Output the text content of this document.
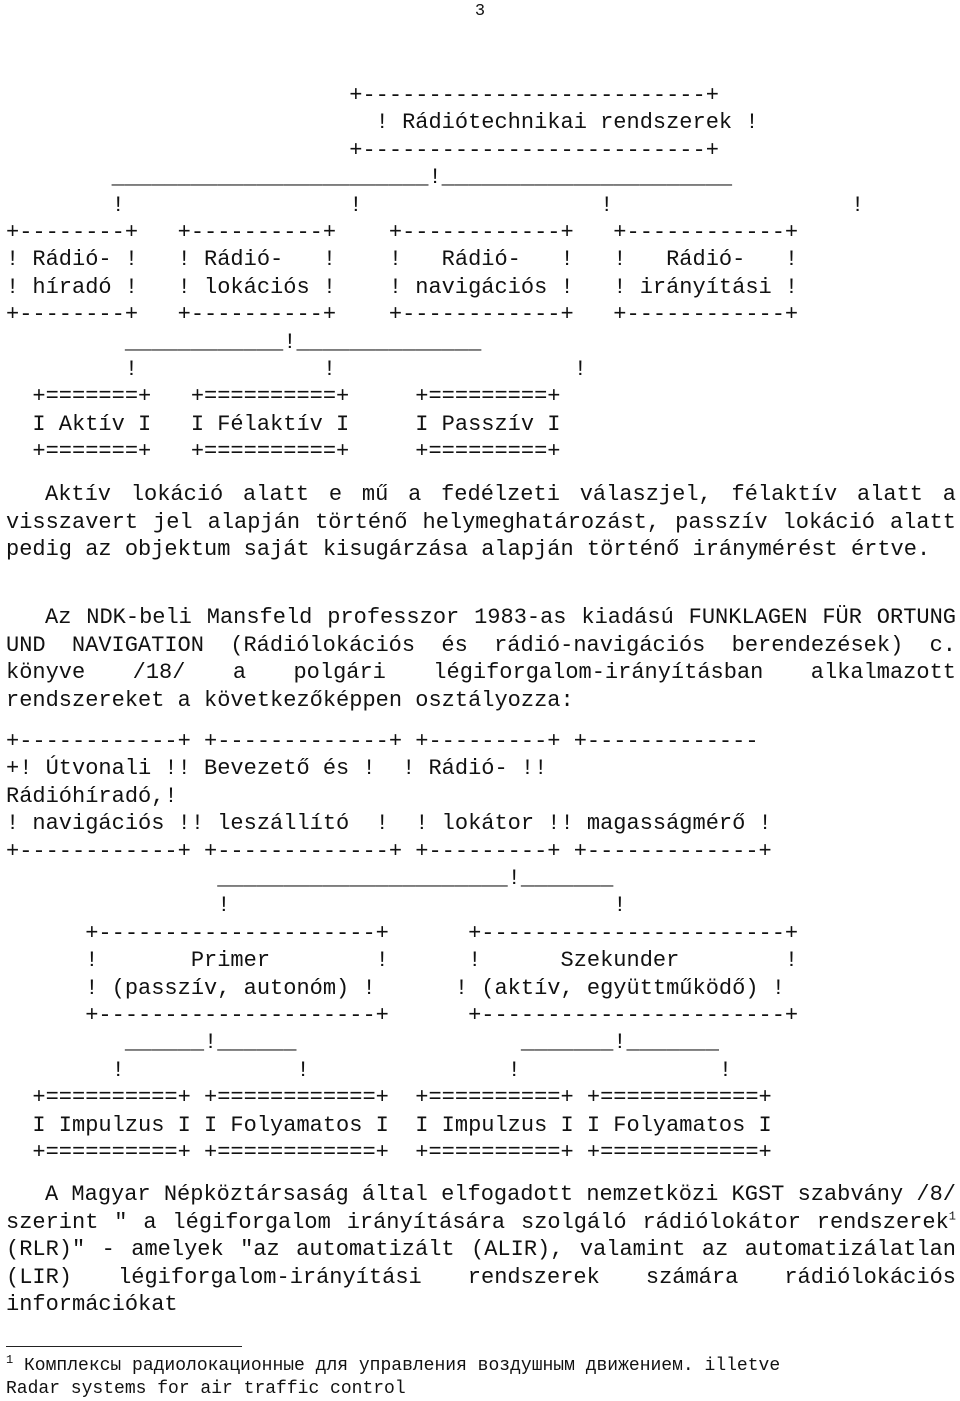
3
+--------------------------+
! Rádiótechnikai rendszerek !
+--------------------------+
________________________!______________________
!                 !                  !                  !
+--------+   +----------+    +------------+   +------------+
! Rádió- !   ! Rádió-   !    !   Rádió-   !   !   Rádió-   !
! híradó !   ! lokációs !    ! navigációs !   ! irányítási !
+--------+   +----------+    +------------+   +------------+
____________!______________
!              !                  !
+=======+   +==========+     +=========+
I Aktív I   I Félaktív I     I Passzív I
+=======+   +==========+     +=========+

Aktív lokáció alatt e mű a fedélzeti válaszjel, félaktív alatt a visszavert jel alapján történő helymeghatározást, passzív lokáció alatt pedig az objektum saját kisugárzása alapján történő iránymérést értve.

Az NDK-beli Mansfeld professzor 1983-as kiadású FUNKLAGEN FÜR ORTUNG UND NAVIGATION (Rádiólokációs és rádió-navigációs berendezések) c. könyve /18/ a polgári légiforgalom-irányításban alkalmazott rendszereket a következőképpen osztályozza:

+------------+ +-------------+ +---------+ +-------------
+! Útvonali !! Bevezető és !  ! Rádió- !!
Rádióhíradó,!
! navigációs !! leszállító  !  ! lokátor !! magasságmérő !
+------------+ +-------------+ +---------+ +-------------+
______________________!_______
!                             !
+---------------------+      +-----------------------+
!       Primer        !      !      Szekunder        !
! (passzív, autonóm) !      ! (aktív, együttműködő) !
+---------------------+      +-----------------------+
______!______                 _______!_______
!             !               !               !
+==========+ +============+  +==========+ +============+
I Impulzus I I Folyamatos I  I Impulzus I I Folyamatos I
+==========+ +============+  +==========+ +============+

A Magyar Népköztársaság által elfogadott nemzetközi KGST szabvány /8/ szerint " a légiforgalom irányítására szolgáló rádiólokátor rendszerek$^1$ (RLR)" - amelyek "az automatizált (ALIR), valamint az automatizálatlan (LIR) légiforgalom-irányítási rendszerek számára rádiólokációs információkat

$^1$ Комплексы радиолокационные для управления воздушным движением. illetve
Radar systems for air traffic control
